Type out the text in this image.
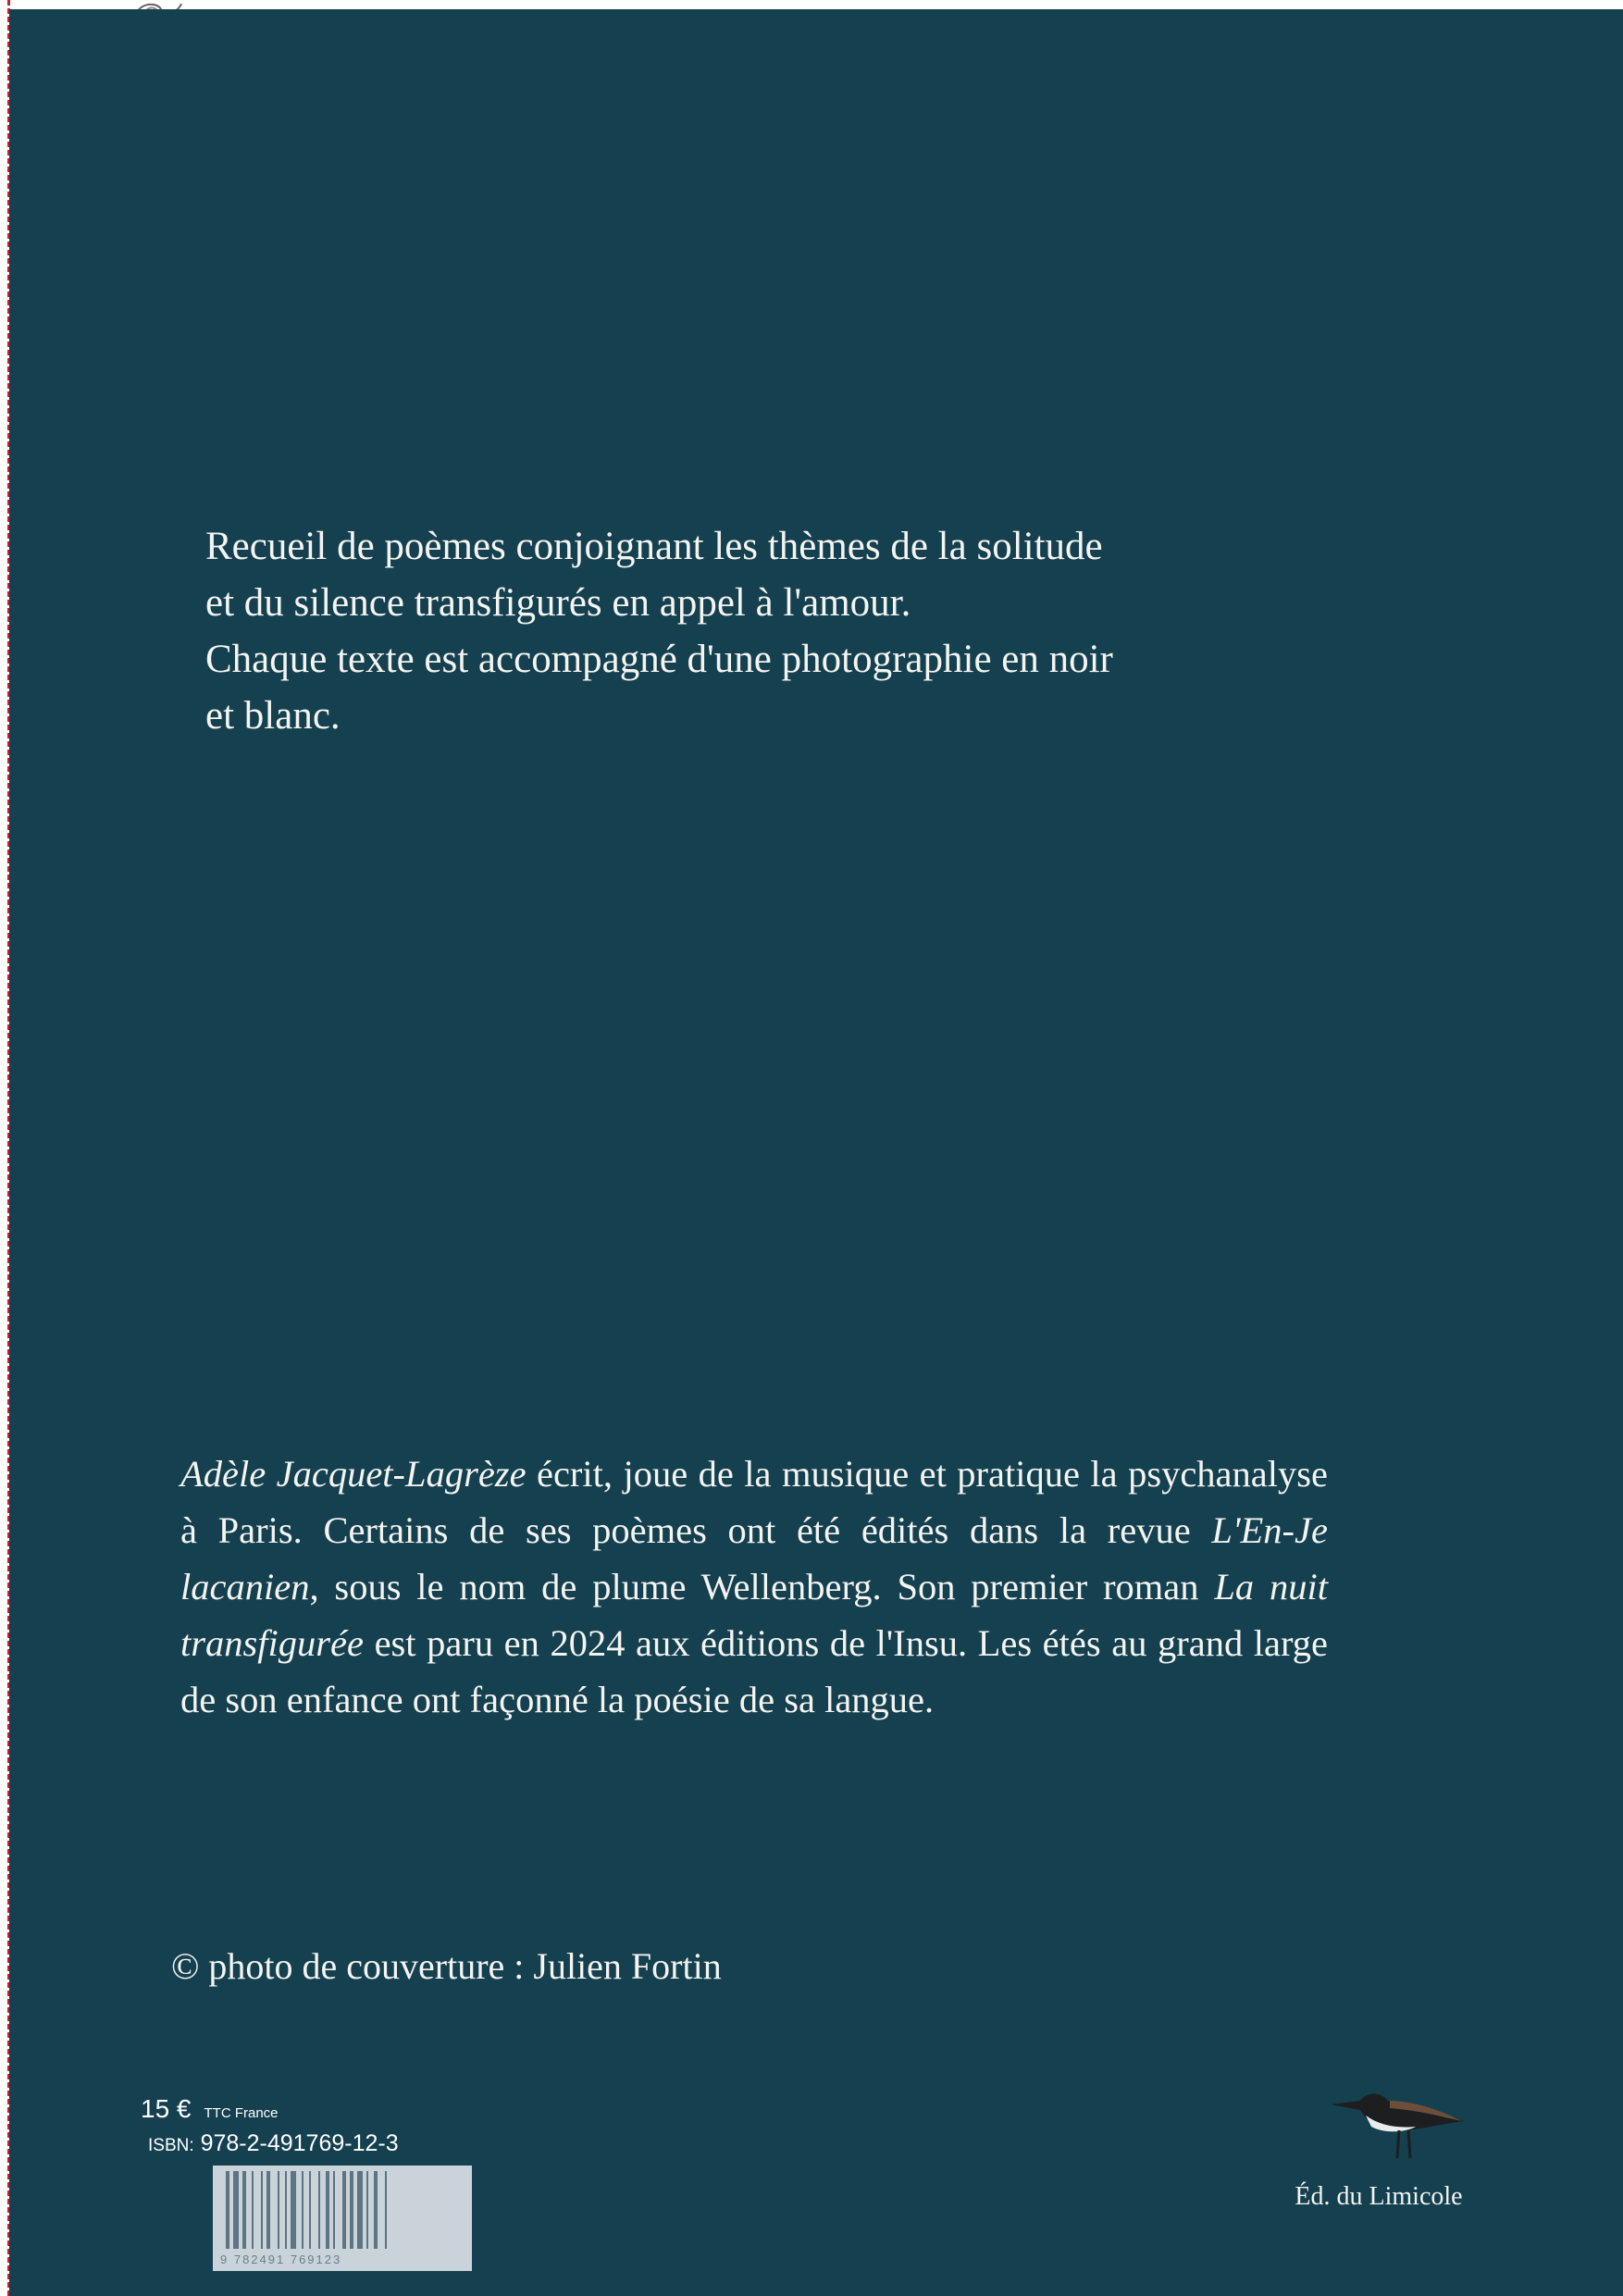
Recueil de poèmes conjoignant les thèmes de la solitude et du silence transfigurés en appel à l'amour.

Chaque texte est accompagné d'une photographie en noir et blanc.

Adèle Jacquet-Lagrèze écrit, joue de la musique et pratique la psychanalyse à Paris. Certains de ses poèmes ont été édités dans la revue L'En-Je lacanien, sous le nom de plume Wellenberg. Son premier roman La nuit transfigurée est paru en 2024 aux éditions de l'Insu. Les étés au grand large de son enfance ont façonné la poésie de sa langue.
© photo de couverture : Julien Fortin
15 € TTC France
ISBN: 978-2-491769-12-3
9 782491 769123
Éd. du Limicole
